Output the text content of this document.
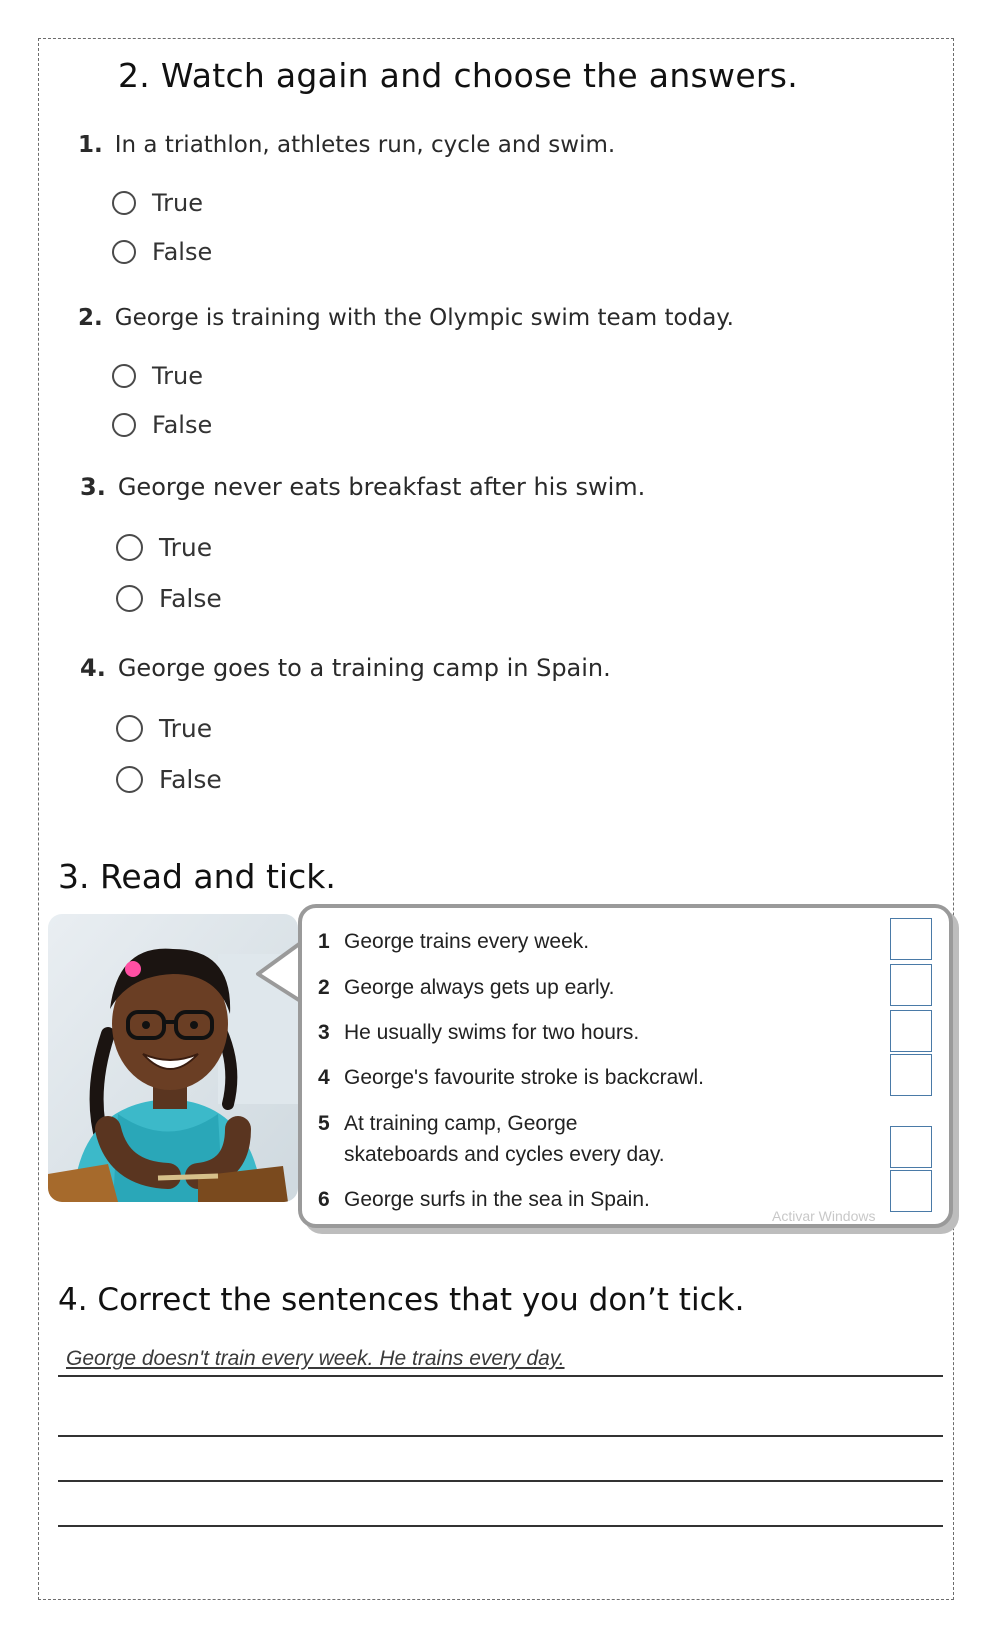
2. Watch again and choose the answers.
1. In a triathlon, athletes run, cycle and swim.
True
False
2. George is training with the Olympic swim team today.
True
False
3. George never eats breakfast after his swim.
True
False
4. George goes to a training camp in Spain.
True
False
3. Read and tick.
1 George trains every week.
2 George always gets up early.
3 He usually swims for two hours.
4 George's favourite stroke is backcrawl.
5 At training camp, George
skateboards and cycles every day.
6 George surfs in the sea in Spain.
Activar Windows
4. Correct the sentences that you don’t tick.
George doesn't train every week. He trains every day.
